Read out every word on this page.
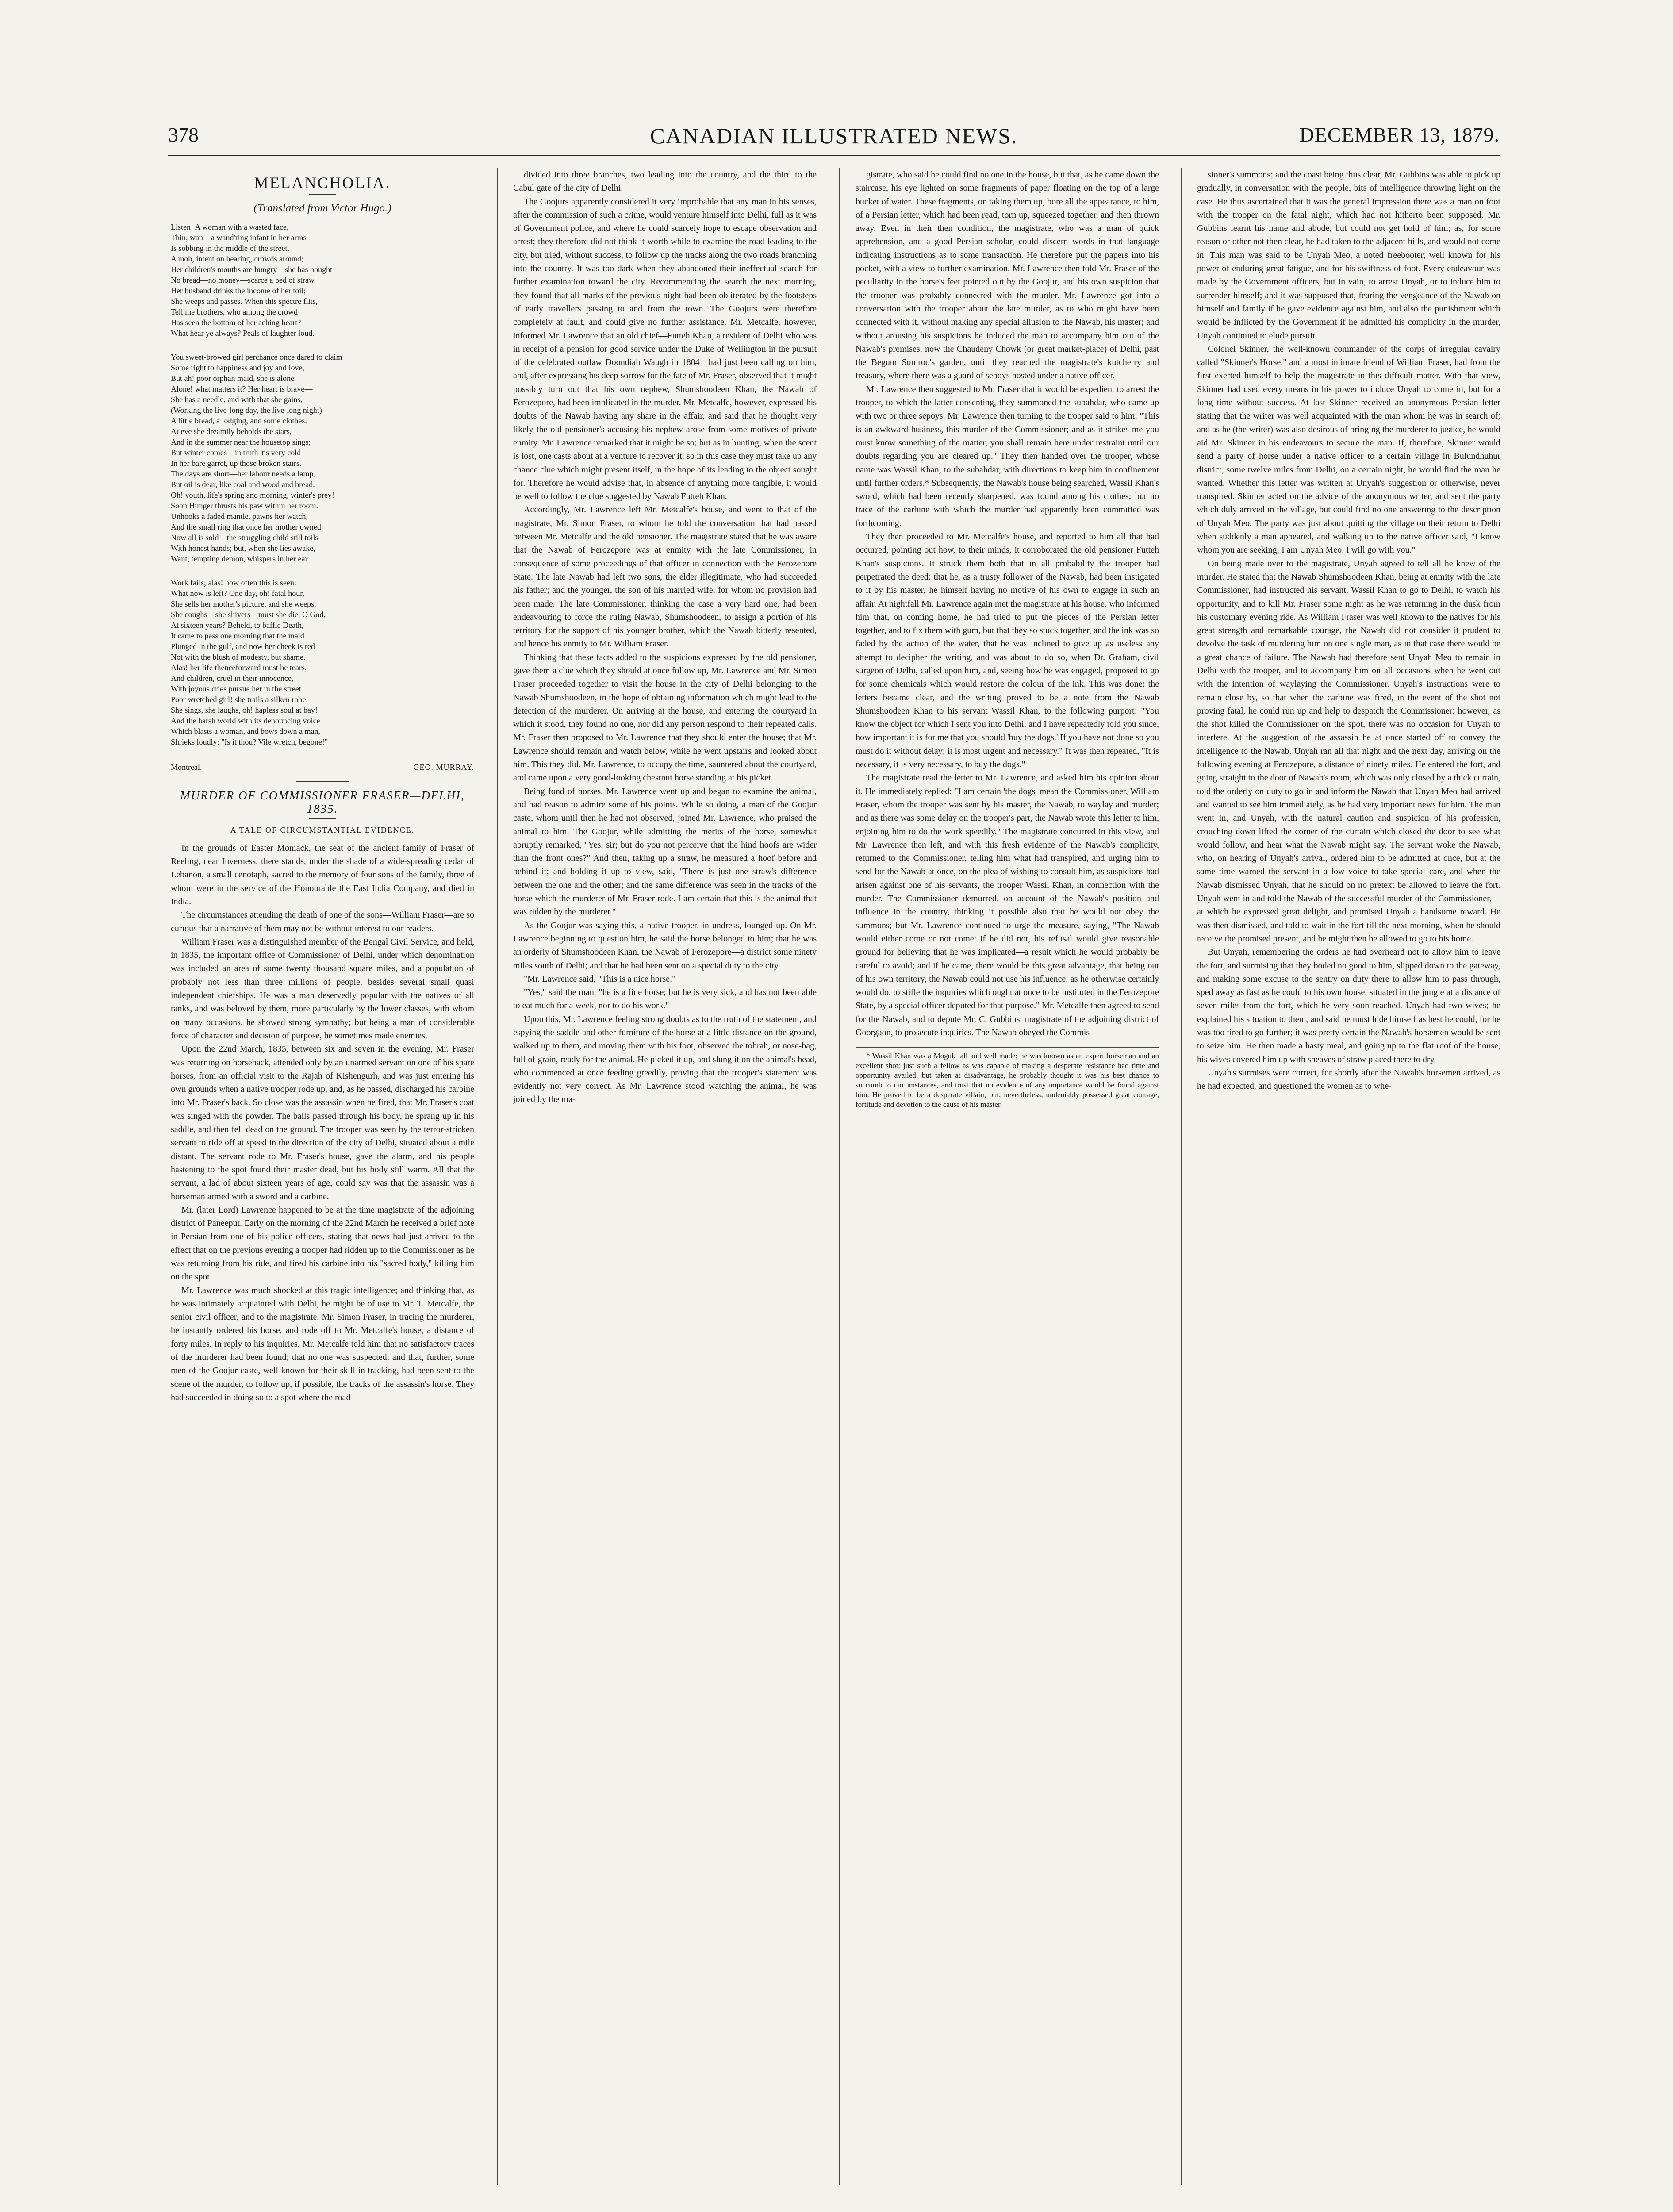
378	CANADIAN ILLUSTRATED NEWS.	DECEMBER 13, 1879.
MELANCHOLIA.
(Translated from Victor Hugo.)
Listen! A woman with a wasted face,
Thin, wan—a wand'ring infant in her arms—
Is sobbing in the middle of the street.
A mob, intent on hearing, crowds around;
Her children's mouths are hungry—she has nought—
No bread—no money—scarce a bed of straw.
Her husband drinks the income of her toil;
She weeps and passes. When this spectre flits,
Tell me brothers, who among the crowd
Has seen the bottom of her aching heart?
What hear ye always? Peals of laughter loud.
You sweet-browed girl perchance once dared to claim
Some right to happiness and joy and love,
But ah! poor orphan maid, she is alone.
Alone! what matters it? Her heart is brave—
She has a needle, and with that she gains,
(Working the live-long day, the live-long night)
A little bread, a lodging, and some clothes.
At eve she dreamily beholds the stars,
And in the summer near the housetop sings;
But winter comes—in truth 'tis very cold
In her bare garret, up those broken stairs.
The days are short—her labour needs a lamp,
But oil is dear, like coal and wood and bread.
Oh! youth, life's spring and morning, winter's prey!
Soon Hunger thrusts his paw within her room.
Unhooks a faded mantle, pawns her watch,
And the small ring that once her mother owned.
Now all is sold—the struggling child still toils
With honest hands; but, when she lies awake,
Want, tempting demon, whispers in her ear.
Work fails; alas! how often this is seen:
What now is left? One day, oh! fatal hour,
She sells her mother's picture, and she weeps,
She coughs—she shivers—must she die, O God,
At sixteen years? Beheld, to baffle Death,
It came to pass one morning that the maid
Plunged in the gulf, and now her cheek is red
Not with the blush of modesty, but shame.
Alas! her life thenceforward must be tears,
And children, cruel in their innocence,
With joyous cries pursue her in the street.
Poor wretched girl! she trails a silken robe;
She sings, she laughs, oh! hapless soul at bay!
And the harsh world with its denouncing voice
Which blasts a woman, and bows down a man,
Shrieks loudly: "Is it thou? Vile wretch, begone!"
Montreal.	GEO. MURRAY.
MURDER OF COMMISSIONER FRASER—DELHI, 1835.
A TALE OF CIRCUMSTANTIAL EVIDENCE.

In the grounds of Easter Moniack, the seat of the ancient family of Fraser of Reeling, near Inverness, there stands, under the shade of a wide-spreading cedar of Lebanon, a small cenotaph, sacred to the memory of four sons of the family, three of whom were in the service of the Honourable the East India Company, and died in India.

The circumstances attending the death of one of the sons—William Fraser—are so curious that a narrative of them may not be without interest to our readers.

William Fraser was a distinguished member of the Bengal Civil Service, and held, in 1835, the important office of Commissioner of Delhi, under which denomination was included an area of some twenty thousand square miles, and a population of probably not less than three millions of people, besides several small quasi independent chiefships. He was a man deservedly popular with the natives of all ranks, and was beloved by them, more particularly by the lower classes, with whom on many occasions, he showed strong sympathy; but being a man of considerable force of character and decision of purpose, he sometimes made enemies.

Upon the 22nd March, 1835, between six and seven in the evening, Mr. Fraser was returning on horseback, attended only by an unarmed servant on one of his spare horses, from an official visit to the Rajah of Kishengurh, and was just entering his own grounds when a native trooper rode up, and, as he passed, discharged his carbine into Mr. Fraser's back. So close was the assassin when he fired, that Mr. Fraser's coat was singed with the powder. The balls passed through his body, he sprang up in his saddle, and then fell dead on the ground. The trooper was seen by the terror-stricken servant to ride off at speed in the direction of the city of Delhi, situated about a mile distant. The servant rode to Mr. Fraser's house, gave the alarm, and his people hastening to the spot found their master dead, but his body still warm. All that the servant, a lad of about sixteen years of age, could say was that the assassin was a horseman armed with a sword and a carbine.

Mr. (later Lord) Lawrence happened to be at the time magistrate of the adjoining district of Paneeput. Early on the morning of the 22nd March he received a brief note in Persian from one of his police officers, stating that news had just arrived to the effect that on the previous evening a trooper had ridden up to the Commissioner as he was returning from his ride, and fired his carbine into his "sacred body," killing him on the spot.

Mr. Lawrence was much shocked at this tragic intelligence; and thinking that, as he was intimately acquainted with Delhi, he might be of use to Mr. T. Metcalfe, the senior civil officer, and to the magistrate, Mr. Simon Fraser, in tracing the murderer, he instantly ordered his horse, and rode off to Mr. Metcalfe's house, a distance of forty miles. In reply to his inquiries, Mr. Metcalfe told him that no satisfactory traces of the murderer had been found; that no one was suspected; and that, further, some men of the Goojur caste, well known for their skill in tracking, had been sent to the scene of the murder, to follow up, if possible, the tracks of the assassin's horse. They had succeeded in doing so to a spot where the road

divided into three branches, two leading into the country, and the third to the Cabul gate of the city of Delhi.

The Goojurs apparently considered it very improbable that any man in his senses, after the commission of such a crime, would venture himself into Delhi, full as it was of Government police, and where he could scarcely hope to escape observation and arrest; they therefore did not think it worth while to examine the road leading to the city, but tried, without success, to follow up the tracks along the two roads branching into the country. It was too dark when they abandoned their ineffectual search for further examination toward the city. Recommencing the search the next morning, they found that all marks of the previous night had been obliterated by the footsteps of early travellers passing to and from the town. The Goojurs were therefore completely at fault, and could give no further assistance. Mr. Metcalfe, however, informed Mr. Lawrence that an old chief—Futteh Khan, a resident of Delhi who was in receipt of a pension for good service under the Duke of Wellington in the pursuit of the celebrated outlaw Doondiah Waugh in 1804—had just been calling on him, and, after expressing his deep sorrow for the fate of Mr. Fraser, observed that it might possibly turn out that his own nephew, Shumshoodeen Khan, the Nawab of Ferozepore, had been implicated in the murder. Mr. Metcalfe, however, expressed his doubts of the Nawab having any share in the affair, and said that he thought very likely the old pensioner's accusing his nephew arose from some motives of private enmity. Mr. Lawrence remarked that it might be so; but as in hunting, when the scent is lost, one casts about at a venture to recover it, so in this case they must take up any chance clue which might present itself, in the hope of its leading to the object sought for. Therefore he would advise that, in absence of anything more tangible, it would be well to follow the clue suggested by Nawab Futteh Khan.

Accordingly, Mr. Lawrence left Mr. Metcalfe's house, and went to that of the magistrate, Mr. Simon Fraser, to whom he told the conversation that had passed between Mr. Metcalfe and the old pensioner. The magistrate stated that he was aware that the Nawab of Ferozepore was at enmity with the late Commissioner, in consequence of some proceedings of that officer in connection with the Ferozepore State. The late Nawab had left two sons, the elder illegitimate, who had succeeded his father; and the younger, the son of his married wife, for whom no provision had been made. The late Commissioner, thinking the case a very hard one, had been endeavouring to force the ruling Nawab, Shumshoodeen, to assign a portion of his territory for the support of his younger brother, which the Nawab bitterly resented, and hence his enmity to Mr. William Fraser.

Thinking that these facts added to the suspicions expressed by the old pensioner, gave them a clue which they should at once follow up, Mr. Lawrence and Mr. Simon Fraser proceeded together to visit the house in the city of Delhi belonging to the Nawab Shumshoodeen, in the hope of obtaining information which might lead to the detection of the murderer. On arriving at the house, and entering the courtyard in which it stood, they found no one, nor did any person respond to their repeated calls. Mr. Fraser then proposed to Mr. Lawrence that they should enter the house; that Mr. Lawrence should remain and watch below, while he went upstairs and looked about him. This they did. Mr. Lawrence, to occupy the time, sauntered about the courtyard, and came upon a very good-looking chestnut horse standing at his picket.

Being fond of horses, Mr. Lawrence went up and began to examine the animal, and had reason to admire some of his points. While so doing, a man of the Goojur caste, whom until then he had not observed, joined Mr. Lawrence, who praised the animal to him. The Goojur, while admitting the merits of the horse, somewhat abruptly remarked, "Yes, sir; but do you not perceive that the hind hoofs are wider than the front ones?" And then, taking up a straw, he measured a hoof before and behind it; and holding it up to view, said, "There is just one straw's difference between the one and the other; and the same difference was seen in the tracks of the horse which the murderer of Mr. Fraser rode. I am certain that this is the animal that was ridden by the murderer."

As the Goojur was saying this, a native trooper, in undress, lounged up. On Mr. Lawrence beginning to question him, he said the horse belonged to him; that he was an orderly of Shumshoodeen Khan, the Nawab of Ferozepore—a district some ninety miles south of Delhi; and that he had been sent on a special duty to the city.

"Mr. Lawrence said, "This is a nice horse."

"Yes," said the man, "he is a fine horse; but he is very sick, and has not been able to eat much for a week, nor to do his work."

Upon this, Mr. Lawrence feeling strong doubts as to the truth of the statement, and espying the saddle and other furniture of the horse at a little distance on the ground, walked up to them, and moving them with his foot, observed the tobrah, or nose-bag, full of grain, ready for the animal. He picked it up, and slung it on the animal's head, who commenced at once feeding greedily, proving that the trooper's statement was evidently not very correct. As Mr. Lawrence stood watching the animal, he was joined by the ma-

gistrate, who said he could find no one in the house, but that, as he came down the staircase, his eye lighted on some fragments of paper floating on the top of a large bucket of water. These fragments, on taking them up, bore all the appearance, to him, of a Persian letter, which had been read, torn up, squeezed together, and then thrown away. Even in their then condition, the magistrate, who was a man of quick apprehension, and a good Persian scholar, could discern words in that language indicating instructions as to some transaction. He therefore put the papers into his pocket, with a view to further examination. Mr. Lawrence then told Mr. Fraser of the peculiarity in the horse's feet pointed out by the Goojur, and his own suspicion that the trooper was probably connected with the murder. Mr. Lawrence got into a conversation with the trooper about the late murder, as to who might have been connected with it, without making any special allusion to the Nawab, his master; and without arousing his suspicions he induced the man to accompany him out of the Nawab's premises, now the Chaudeny Chowk (or great market-place) of Delhi, past the Begum Sumroo's garden, until they reached the magistrate's kutcherry and treasury, where there was a guard of sepoys posted under a native officer.

Mr. Lawrence then suggested to Mr. Fraser that it would be expedient to arrest the trooper, to which the latter consenting, they summoned the subahdar, who came up with two or three sepoys. Mr. Lawrence then turning to the trooper said to him: "This is an awkward business, this murder of the Commissioner; and as it strikes me you must know something of the matter, you shall remain here under restraint until our doubts regarding you are cleared up." They then handed over the trooper, whose name was Wassil Khan, to the subahdar, with directions to keep him in confinement until further orders.* Subsequently, the Nawab's house being searched, Wassil Khan's sword, which had been recently sharpened, was found among his clothes; but no trace of the carbine with which the murder had apparently been committed was forthcoming.

They then proceeded to Mr. Metcalfe's house, and reported to him all that had occurred, pointing out how, to their minds, it corroborated the old pensioner Futteh Khan's suspicions. It struck them both that in all probability the trooper had perpetrated the deed; that he, as a trusty follower of the Nawab, had been instigated to it by his master, he himself having no motive of his own to engage in such an affair. At nightfall Mr. Lawrence again met the magistrate at his house, who informed him that, on coming home, he had tried to put the pieces of the Persian letter together, and to fix them with gum, but that they so stuck together, and the ink was so faded by the action of the water, that he was inclined to give up as useless any attempt to decipher the writing, and was about to do so, when Dr. Graham, civil surgeon of Delhi, called upon him, and, seeing how he was engaged, proposed to go for some chemicals which would restore the colour of the ink. This was done; the letters became clear, and the writing proved to be a note from the Nawab Shumshoodeen Khan to his servant Wassil Khan, to the following purport: "You know the object for which I sent you into Delhi; and I have repeatedly told you since, how important it is for me that you should 'buy the dogs.' If you have not done so you must do it without delay; it is most urgent and necessary." It was then repeated, "It is necessary, it is very necessary, to buy the dogs."

The magistrate read the letter to Mr. Lawrence, and asked him his opinion about it. He immediately replied: "I am certain 'the dogs' mean the Commissioner, William Fraser, whom the trooper was sent by his master, the Nawab, to waylay and murder; and as there was some delay on the trooper's part, the Nawab wrote this letter to him, enjoining him to do the work speedily." The magistrate concurred in this view, and Mr. Lawrence then left, and with this fresh evidence of the Nawab's complicity, returned to the Commissioner, telling him what had transpired, and urging him to send for the Nawab at once, on the plea of wishing to consult him, as suspicions had arisen against one of his servants, the trooper Wassil Khan, in connection with the murder. The Commissioner demurred, on account of the Nawab's position and influence in the country, thinking it possible also that he would not obey the summons; but Mr. Lawrence continued to urge the measure, saying, "The Nawab would either come or not come: if he did not, his refusal would give reasonable ground for believing that he was implicated—a result which he would probably be careful to avoid; and if he came, there would be this great advantage, that being out of his own territory, the Nawab could not use his influence, as he otherwise certainly would do, to stifle the inquiries which ought at once to be instituted in the Ferozepore State, by a special officer deputed for that purpose." Mr. Metcalfe then agreed to send for the Nawab, and to depute Mr. C. Gubbins, magistrate of the adjoining district of Goorgaon, to prosecute inquiries. The Nawab obeyed the Commis-

* Wassil Khan was a Mogul, tall and well made; he was known as an expert horseman and an excellent shot; just such a fellow as was capable of making a desperate resistance had time and opportunity availed; but taken at disadvantage, he probably thought it was his best chance to succumb to circumstances, and trust that no evidence of any importance would be found against him. He proved to be a desperate villain; but, nevertheless, undeniably possessed great courage, fortitude and devotion to the cause of his master.

sioner's summons; and the coast being thus clear, Mr. Gubbins was able to pick up gradually, in conversation with the people, bits of intelligence throwing light on the case. He thus ascertained that it was the general impression there was a man on foot with the trooper on the fatal night, which had not hitherto been supposed. Mr. Gubbins learnt his name and abode, but could not get hold of him; as, for some reason or other not then clear, he had taken to the adjacent hills, and would not come in. This man was said to be Unyah Meo, a noted freebooter, well known for his power of enduring great fatigue, and for his swiftness of foot. Every endeavour was made by the Government officers, but in vain, to arrest Unyah, or to induce him to surrender himself; and it was supposed that, fearing the vengeance of the Nawab on himself and family if he gave evidence against him, and also the punishment which would be inflicted by the Government if he admitted his complicity in the murder, Unyah continued to elude pursuit.

Colonel Skinner, the well-known commander of the corps of irregular cavalry called "Skinner's Horse," and a most intimate friend of William Fraser, had from the first exerted himself to help the magistrate in this difficult matter. With that view, Skinner had used every means in his power to induce Unyah to come in, but for a long time without success. At last Skinner received an anonymous Persian letter stating that the writer was well acquainted with the man whom he was in search of; and as he (the writer) was also desirous of bringing the murderer to justice, he would aid Mr. Skinner in his endeavours to secure the man. If, therefore, Skinner would send a party of horse under a native officer to a certain village in Bulundhuhur district, some twelve miles from Delhi, on a certain night, he would find the man he wanted. Whether this letter was written at Unyah's suggestion or otherwise, never transpired. Skinner acted on the advice of the anonymous writer, and sent the party which duly arrived in the village, but could find no one answering to the description of Unyah Meo. The party was just about quitting the village on their return to Delhi when suddenly a man appeared, and walking up to the native officer said, "I know whom you are seeking; I am Unyah Meo. I will go with you."

On being made over to the magistrate, Unyah agreed to tell all he knew of the murder. He stated that the Nawab Shumshoodeen Khan, being at enmity with the late Commissioner, had instructed his servant, Wassil Khan to go to Delhi, to watch his opportunity, and to kill Mr. Fraser some night as he was returning in the dusk from his customary evening ride. As William Fraser was well known to the natives for his great strength and remarkable courage, the Nawab did not consider it prudent to devolve the task of murdering him on one single man, as in that case there would be a great chance of failure. The Nawab had therefore sent Unyah Meo to remain in Delhi with the trooper, and to accompany him on all occasions when he went out with the intention of waylaying the Commissioner. Unyah's instructions were to remain close by, so that when the carbine was fired, in the event of the shot not proving fatal, he could run up and help to despatch the Commissioner; however, as the shot killed the Commissioner on the spot, there was no occasion for Unyah to interfere. At the suggestion of the assassin he at once started off to convey the intelligence to the Nawab. Unyah ran all that night and the next day, arriving on the following evening at Ferozepore, a distance of ninety miles. He entered the fort, and going straight to the door of Nawab's room, which was only closed by a thick curtain, told the orderly on duty to go in and inform the Nawab that Unyah Meo had arrived and wanted to see him immediately, as he had very important news for him. The man went in, and Unyah, with the natural caution and suspicion of his profession, crouching down lifted the corner of the curtain which closed the door to see what would follow, and hear what the Nawab might say. The servant woke the Nawab, who, on hearing of Unyah's arrival, ordered him to be admitted at once, but at the same time warned the servant in a low voice to take special care, and when the Nawab dismissed Unyah, that he should on no pretext be allowed to leave the fort. Unyah went in and told the Nawab of the successful murder of the Commissioner,—at which he expressed great delight, and promised Unyah a handsome reward. He was then dismissed, and told to wait in the fort till the next morning, when he should receive the promised present, and he might then be allowed to go to his home.

But Unyah, remembering the orders he had overheard not to allow him to leave the fort, and surmising that they boded no good to him, slipped down to the gateway, and making some excuse to the sentry on duty there to allow him to pass through, sped away as fast as he could to his own house, situated in the jungle at a distance of seven miles from the fort, which he very soon reached. Unyah had two wives; he explained his situation to them, and said he must hide himself as best he could, for he was too tired to go further; it was pretty certain the Nawab's horsemen would be sent to seize him. He then made a hasty meal, and going up to the flat roof of the house, his wives covered him up with sheaves of straw placed there to dry.

Unyah's surmises were correct, for shortly after the Nawab's horsemen arrived, as he had expected, and questioned the women as to whe-
